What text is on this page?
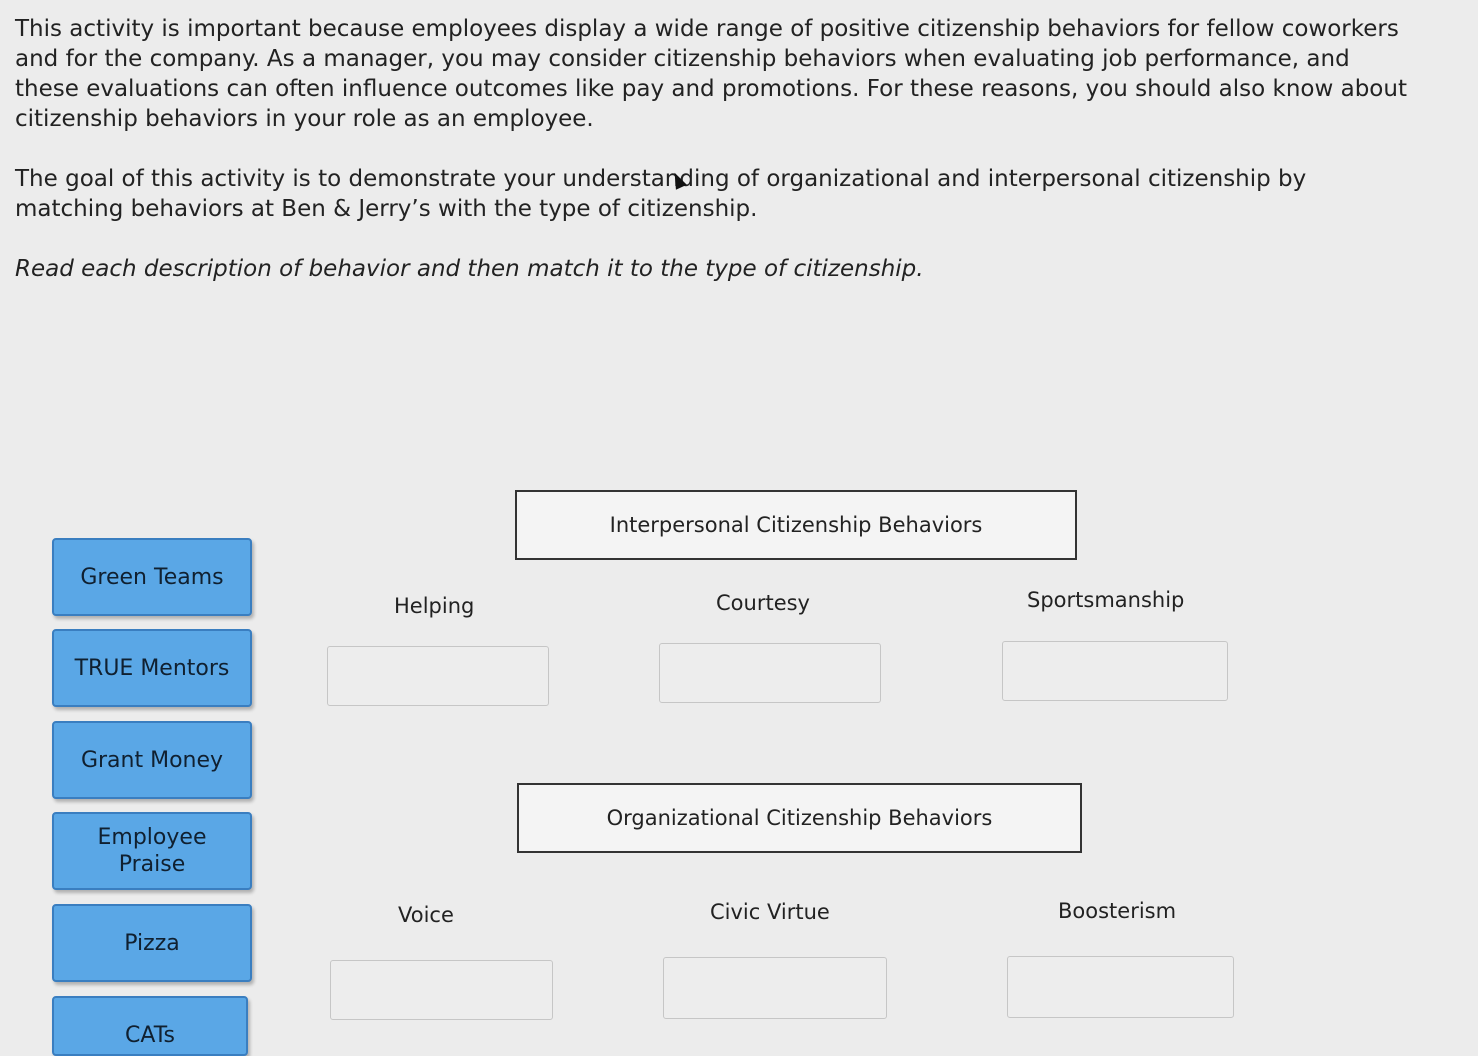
This activity is important because employees display a wide range of positive citizenship behaviors for fellow coworkers and for the company. As a manager, you may consider citizenship behaviors when evaluating job performance, and these evaluations can often influence outcomes like pay and promotions. For these reasons, you should also know about citizenship behaviors in your role as an employee.

The goal of this activity is to demonstrate your understanding of organizational and interpersonal citizenship by matching behaviors at Ben & Jerry’s with the type of citizenship.

Read each description of behavior and then match it to the type of citizenship.

Green Teams
TRUE Mentors
Grant Money
Employee Praise
Pizza
CATs
Interpersonal Citizenship Behaviors
Helping	Courtesy	Sportsmanship
Organizational Citizenship Behaviors
Voice	Civic Virtue	Boosterism
